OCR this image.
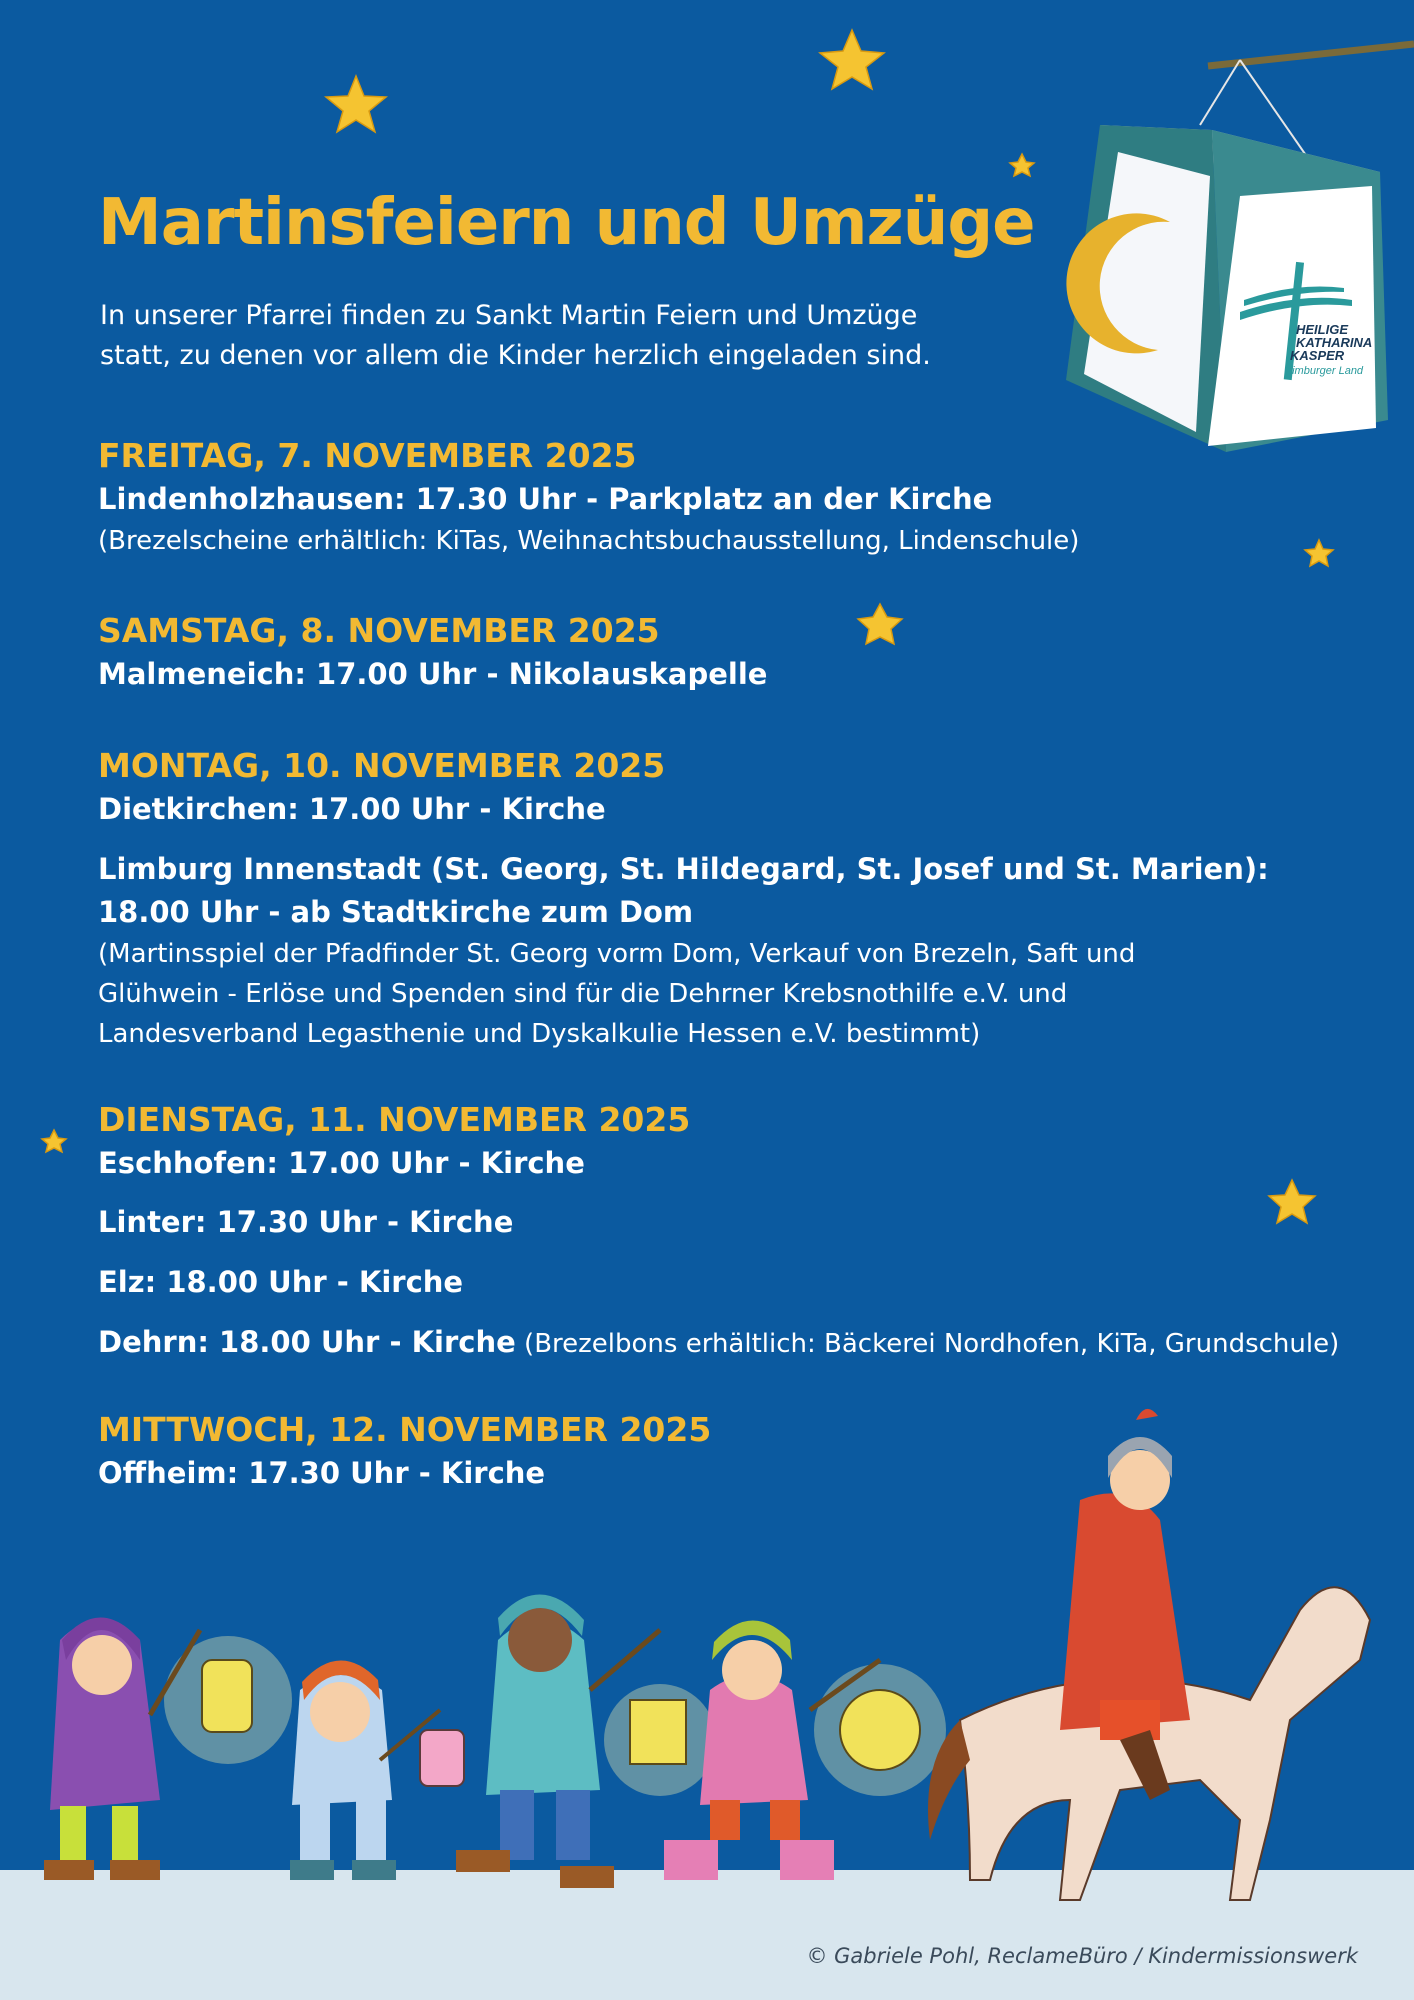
HEILIGE
KATHARINA
KASPER
Limburger Land
Martinsfeiern und Umzüge
In unserer Pfarrei finden zu Sankt Martin Feiern und Umzüge
statt, zu denen vor allem die Kinder herzlich eingeladen sind.
FREITAG, 7. NOVEMBER 2025

Lindenholzhausen: 17.30 Uhr - Parkplatz an der Kirche

(Brezelscheine erhältlich: KiTas, Weihnachtsbuchausstellung, Lindenschule)
SAMSTAG, 8. NOVEMBER 2025

Malmeneich: 17.00 Uhr - Nikolauskapelle

MONTAG, 10. NOVEMBER 2025

Dietkirchen: 17.00 Uhr - Kirche

Limburg Innenstadt (St. Georg, St. Hildegard, St. Josef und St. Marien):

18.00 Uhr - ab Stadtkirche zum Dom

(Martinsspiel der Pfadfinder St. Georg vorm Dom, Verkauf von Brezeln, Saft und
Glühwein - Erlöse und Spenden sind für die Dehrner Krebsnothilfe e.V. und
Landesverband Legasthenie und Dyskalkulie Hessen e.V. bestimmt)
DIENSTAG, 11. NOVEMBER 2025

Eschhofen: 17.00 Uhr - Kirche

Linter: 17.30 Uhr - Kirche

Elz: 18.00 Uhr - Kirche

Dehrn: 18.00 Uhr - Kirche (Brezelbons erhältlich: Bäckerei Nordhofen, KiTa, Grundschule)

MITTWOCH, 12. NOVEMBER 2025

Offheim: 17.30 Uhr - Kirche

© Gabriele Pohl, ReclameBüro / Kindermissionswerk
